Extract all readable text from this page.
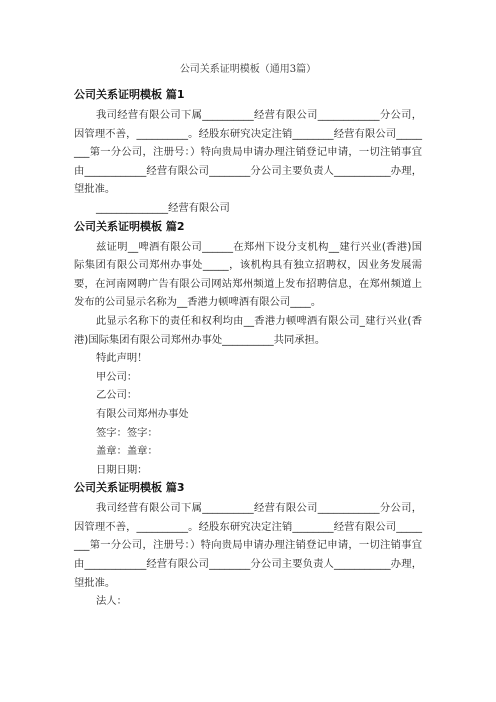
公司关系证明模板（通用3篇）
公司关系证明模板 篇1

我司经营有限公司下属__________经营有限公司____________分公司，因管理不善，__________。经股东研究决定注销________经营有限公司________第一分公司，注册号：）特向贵局申请办理注销登记申请，一切注销事宜由____________经营有限公司________分公司主要负责人___________办理，望批准。

______________经营有限公司

公司关系证明模板 篇2

兹证明__啤酒有限公司______在郑州下设分支机构__建行兴业(香港)国际集团有限公司郑州办事处_____，该机构具有独立招聘权，因业务发展需要，在河南网聘广告有限公司网站郑州频道上发布招聘信息，在郑州频道上发布的公司显示名称为__香港力顿啤酒有限公司____。

此显示名称下的责任和权利均由__香港力顿啤酒有限公司_建行兴业(香港)国际集团有限公司郑州办事处__________共同承担。

特此声明！

甲公司：

乙公司：

有限公司郑州办事处

签字：签字：

盖章：盖章：

日期日期：

公司关系证明模板 篇3

我司经营有限公司下属__________经营有限公司____________分公司，因管理不善，__________。经股东研究决定注销________经营有限公司________第一分公司，注册号：）特向贵局申请办理注销登记申请，一切注销事宜由____________经营有限公司________分公司主要负责人___________办理，望批准。

法人：
